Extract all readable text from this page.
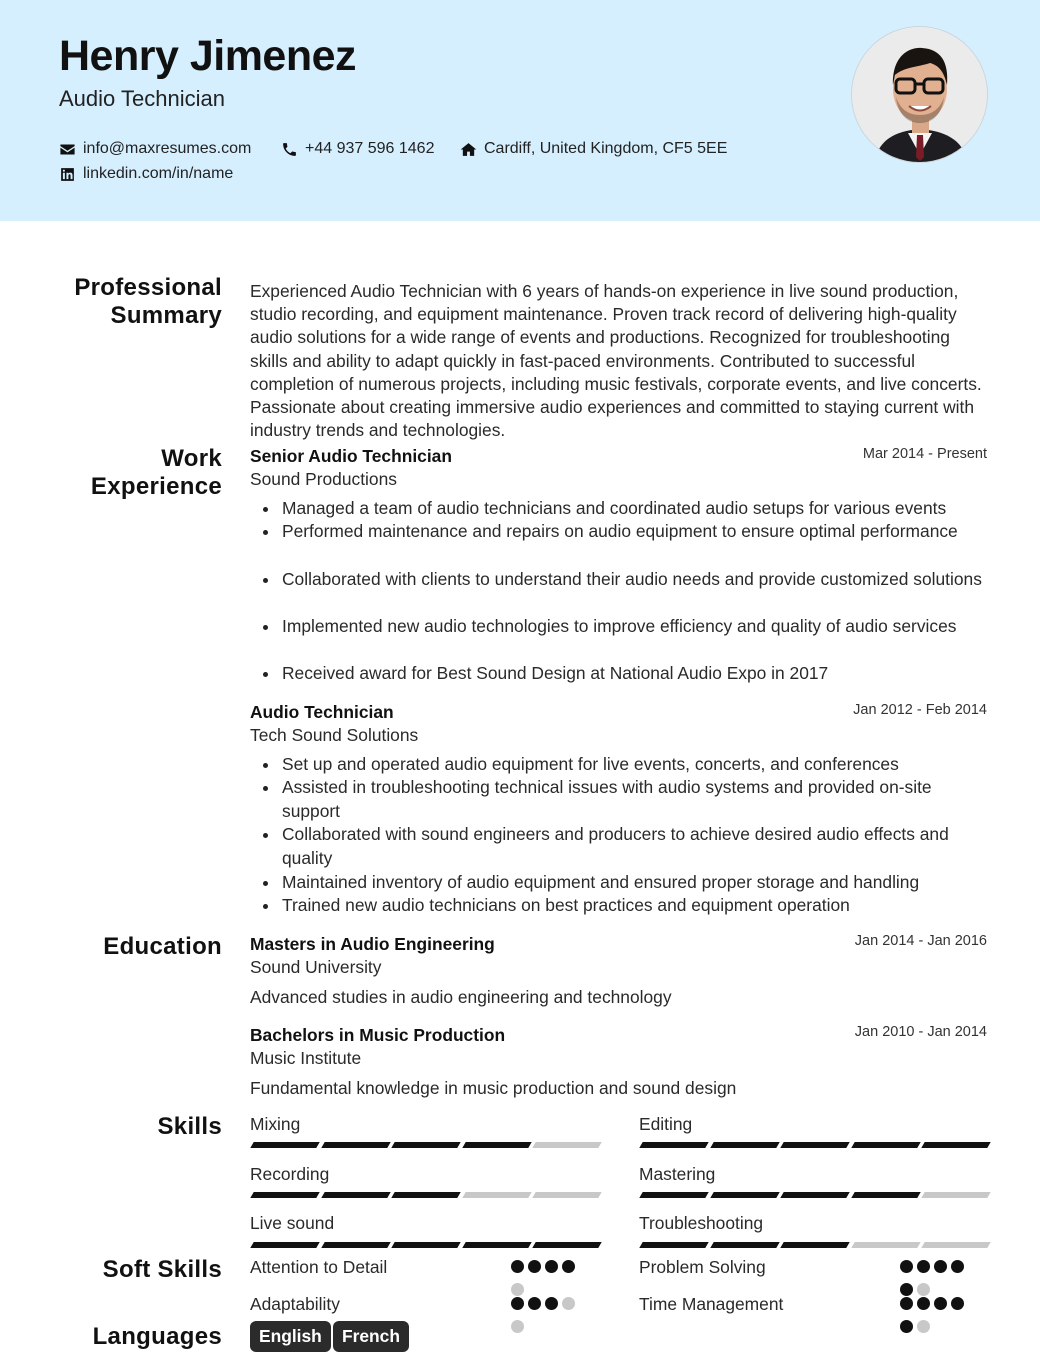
Henry Jimenez
Audio Technician
info@maxresumes.com	+44 937 596 1462	Cardiff, United Kingdom, CF5 5EE
linkedin.com/in/name
Professional Summary
Experienced Audio Technician with 6 years of hands-on experience in live sound production, studio recording, and equipment maintenance. Proven track record of delivering high-quality audio solutions for a wide range of events and productions. Recognized for troubleshooting skills and ability to adapt quickly in fast-paced environments. Contributed to successful completion of numerous projects, including music festivals, corporate events, and live concerts. Passionate about creating immersive audio experiences and committed to staying current with industry trends and technologies.
Work Experience
Senior Audio Technician	Mar 2014 - Present
Sound Productions
Managed a team of audio technicians and coordinated audio setups for various events
Performed maintenance and repairs on audio equipment to ensure optimal performance
Collaborated with clients to understand their audio needs and provide customized solutions
Implemented new audio technologies to improve efficiency and quality of audio services
Received award for Best Sound Design at National Audio Expo in 2017
Audio Technician	Jan 2012 - Feb 2014
Tech Sound Solutions
Set up and operated audio equipment for live events, concerts, and conferences
Assisted in troubleshooting technical issues with audio systems and provided on-site support
Collaborated with sound engineers and producers to achieve desired audio effects and quality
Maintained inventory of audio equipment and ensured proper storage and handling
Trained new audio technicians on best practices and equipment operation
Education Masters in Audio Engineering	Jan 2014 - Jan 2016
Sound University
Advanced studies in audio engineering and technology
Bachelors in Music Production	Jan 2010 - Jan 2014
Music Institute
Fundamental knowledge in music production and sound design
Skills Mixing	Editing
Recording	Mastering
Live sound	Troubleshooting
Soft Skills Attention to Detail	Problem Solving
Adaptability	Time Management
Languages	English	French
